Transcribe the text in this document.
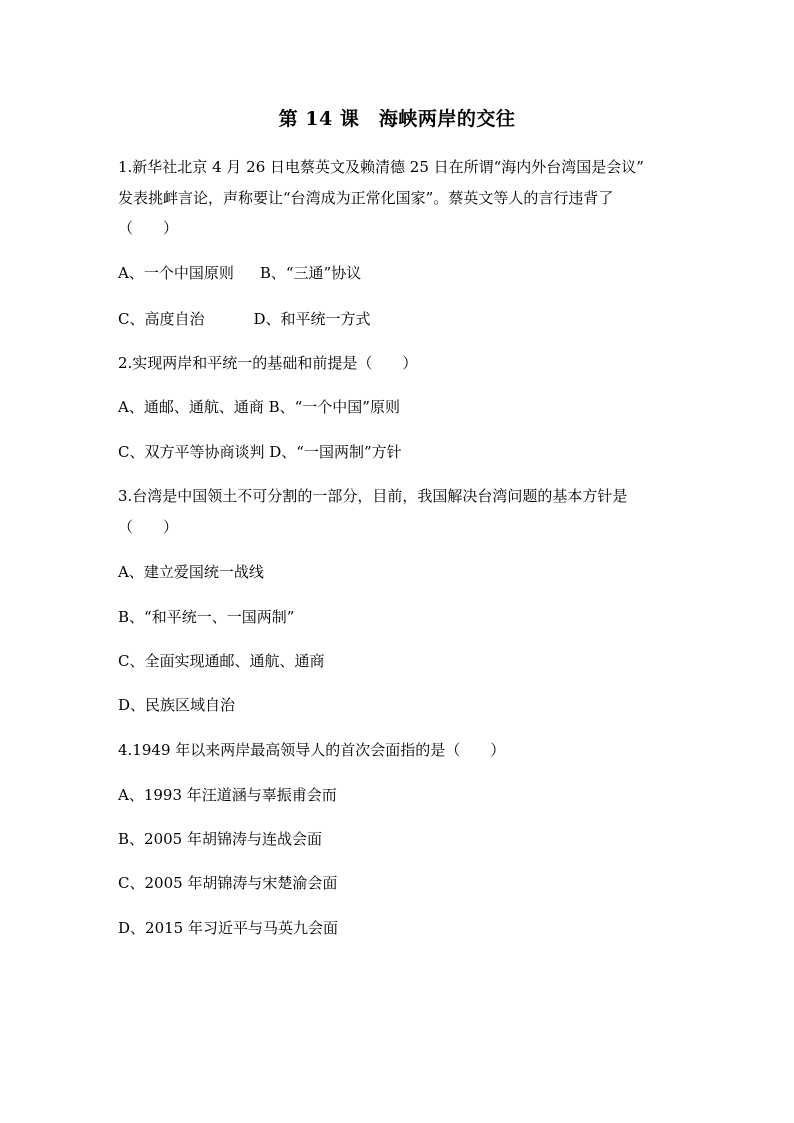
第 14 课　海峡两岸的交往
1.新华社北京 4 月 26 日电蔡英文及赖清德 25 日在所谓“海内外台湾国是会议”
发表挑衅言论，声称要让“台湾成为正常化国家”。蔡英文等人的言行违背了
（　　）
A、一个中国原则 B、“三通”协议
C、高度自治	D、和平统一方式
2.实现两岸和平统一的基础和前提是（　　）
A、通邮、通航、通商 B、“一个中国”原则
C、双方平等协商谈判 D、“一国两制”方针
3.台湾是中国领土不可分割的一部分，目前，我国解决台湾问题的基本方针是
（　　）
A、建立爱国统一战线
B、“和平统一、一国两制”
C、全面实现通邮、通航、通商
D、民族区域自治
4.1949 年以来两岸最高领导人的首次会面指的是（　　）
A、1993 年汪道涵与辜振甫会而
B、2005 年胡锦涛与连战会面
C、2005 年胡锦涛与宋楚渝会面
D、2015 年习近平与马英九会面
